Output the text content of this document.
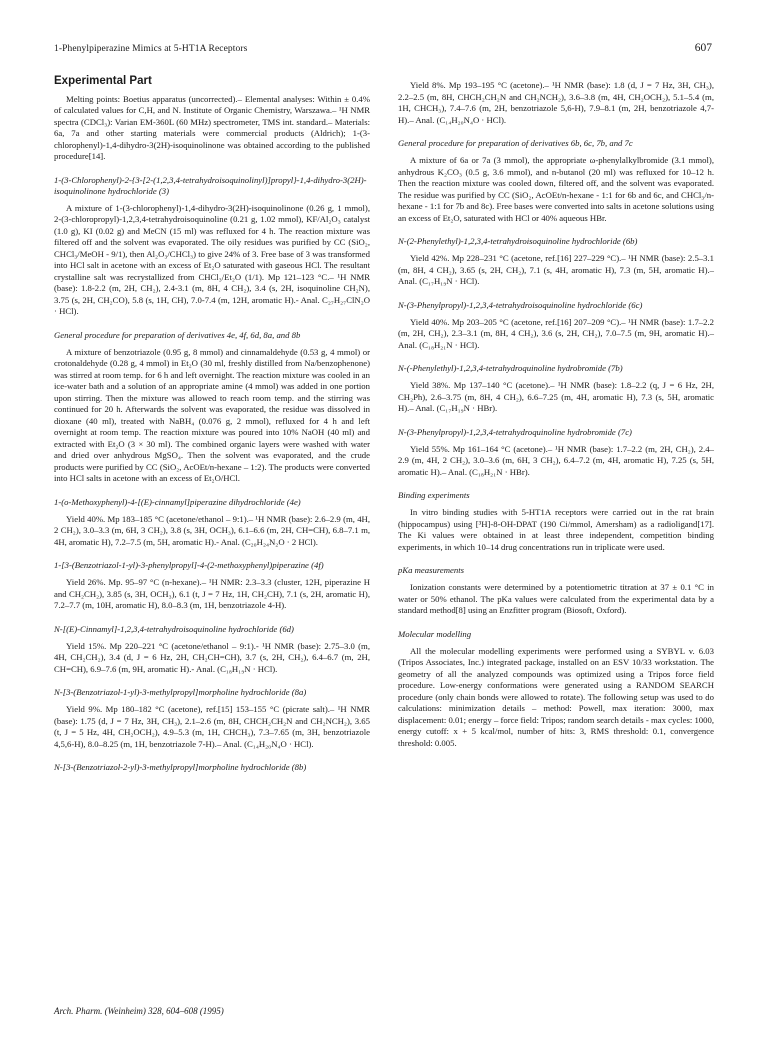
1-Phenylpiperazine Mimics at 5-HT1A Receptors	607
Experimental Part

Melting points: Boetius apparatus (uncorrected).– Elemental analyses: Within ± 0.4% of calculated values for C,H, and N. Institute of Organic Chemistry, Warszawa.– ¹H NMR spectra (CDCl₃): Varian EM-360L (60 MHz) spectrometer, TMS int. standard.– Materials: 6a, 7a and other starting materials were commercial products (Aldrich); 1-(3-chlorophenyl)-1,4-dihydro-3(2H)-isoquinolinone was obtained according to the published procedure[14].

1-(3-Chlorophenyl)-2-{3-[2-(1,2,3,4-tetrahydroisoquinolinyl)]propyl}-1,4-dihydro-3(2H)-isoquinolinone hydrochloride (3)

A mixture of 1-(3-chlorophenyl)-1,4-dihydro-3(2H)-isoquinolinone (0.26 g, 1 mmol), 2-(3-chloropropyl)-1,2,3,4-tetrahydroisoquinoline (0.21 g, 1.02 mmol), KF/Al₂O₃ catalyst (1.0 g), KI (0.02 g) and MeCN (15 ml) was refluxed for 4 h. The reaction mixture was filtered off and the solvent was evaporated. The oily residues was purified by CC (SiO₂, CHCl₃/MeOH - 9/1), then Al₂O₃/CHCl₃) to give 24% of 3. Free base of 3 was transformed into HCl salt in acetone with an excess of Et₂O saturated with gaseous HCl. The resultant crystalline salt was recrystallized from CHCl₃/Et₂O (1/1). Mp 121–123 °C.– ¹H NMR (base): 1.8-2.2 (m, 2H, CH₂), 2.4-3.1 (m, 8H, 4 CH₂), 3.4 (s, 2H, isoquinoline CH₂N), 3.75 (s, 2H, CH₂CO), 5.8 (s, 1H, CH), 7.0-7.4 (m, 12H, aromatic H).- Anal. C₂₇H₂₇ClN₂O · HCl).

General procedure for preparation of derivatives 4e, 4f, 6d, 8a, and 8b

A mixture of benzotriazole (0.95 g, 8 mmol) and cinnamaldehyde (0.53 g, 4 mmol) or crotonaldehyde (0.28 g, 4 mmol) in Et₂O (30 ml, freshly distilled from Na/benzophenone) was stirred at room temp. for 6 h and left overnight. The reaction mixture was cooled in an ice-water bath and a solution of an appropriate amine (4 mmol) was added in one portion upon stirring. Then the mixture was allowed to reach room temp. and the stirring was continued for 20 h. Afterwards the solvent was evaporated, the residue was dissolved in dioxane (40 ml), treated with NaBH₄ (0.076 g, 2 mmol), refluxed for 4 h and left overnight at room temp. The reaction mixture was poured into 10% NaOH (40 ml) and extracted with Et₂O (3 × 30 ml). The combined organic layers were washed with water and dried over anhydrous MgSO₄. Then the solvent was evaporated, and the crude products were purified by CC (SiO₂, AcOEt/n-hexane – 1:2). The products were converted into HCl salts in acetone with an excess of Et₂O/HCl.

1-(o-Methoxyphenyl)-4-[(E)-cinnamyl]piperazine dihydrochloride (4e)

Yield 40%. Mp 183–185 °C (acetone/ethanol – 9:1).– ¹H NMR (base): 2.6–2.9 (m, 4H, 2 CH₂), 3.0–3.3 (m, 6H, 3 CH₂), 3.8 (s, 3H, OCH₃), 6.1–6.6 (m, 2H, CH=CH), 6.8–7.1 m, 4H, aromatic H), 7.2–7.5 (m, 5H, aromatic H).- Anal. (C₂₀H₂₄N₂O · 2 HCl).

1-[3-(Benzotriazol-1-yl)-3-phenylpropyl]-4-(2-methoxyphenyl)piperazine (4f)

Yield 26%. Mp. 95–97 °C (n-hexane).– ¹H NMR: 2.3–3.3 (cluster, 12H, piperazine H and CH₂CH₂), 3.85 (s, 3H, OCH₃), 6.1 (t, J = 7 Hz, 1H, CH₂CH), 7.1 (s, 2H, aromatic H), 7.2–7.7 (m, 10H, aromatic H), 8.0–8.3 (m, 1H, benzotriazole 4-H).

N-[(E)-Cinnamyl]-1,2,3,4-tetrahydroisoquinoline hydrochloride (6d)

Yield 15%. Mp 220–221 °C (acetone/ethanol – 9:1).- ¹H NMR (base): 2.75–3.0 (m, 4H, CH₂CH₂), 3.4 (d, J = 6 Hz, 2H, CH₂CH=CH), 3.7 (s, 2H, CH₂), 6.4–6.7 (m, 2H, CH=CH), 6.9–7.6 (m, 9H, aromatic H).- Anal. (C₁₈H₁₉N · HCl).

N-[3-(Benzotriazol-1-yl)-3-methylpropyl]morpholine hydrochloride (8a)

Yield 9%. Mp 180–182 °C (acetone), ref.[15] 153–155 °C (picrate salt).– ¹H NMR (base): 1.75 (d, J = 7 Hz, 3H, CH₃), 2.1–2.6 (m, 8H, CHCH₂CH₂N and CH₂NCH₂), 3.65 (t, J = 5 Hz, 4H, CH₂OCH₂), 4.9–5.3 (m, 1H, CHCH₃), 7.3–7.65 (m, 3H, benzotriazole 4,5,6-H), 8.0–8.25 (m, 1H, benzotriazole 7-H).– Anal. (C₁₄H₂₀N₄O · HCl).

N-[3-(Benzotriazol-2-yl)-3-methylpropyl]morpholine hydrochloride (8b)

Yield 8%. Mp 193–195 °C (acetone).– ¹H NMR (base): 1.8 (d, J = 7 Hz, 3H, CH₃), 2.2–2.5 (m, 8H, CHCH₂CH₂N and CH₂NCH₂), 3.6–3.8 (m, 4H, CH₂OCH₂), 5.1–5.4 (m, 1H, CHCH₃), 7.4–7.6 (m, 2H, benzotriazole 5,6-H), 7.9–8.1 (m, 2H, benzotriazole 4,7-H).– Anal. (C₁₄H₂₀N₄O · HCl).

General procedure for preparation of derivatives 6b, 6c, 7b, and 7c

A mixture of 6a or 7a (3 mmol), the appropriate ω-phenylalkylbromide (3.1 mmol), anhydrous K₂CO₃ (0.5 g, 3.6 mmol), and n-butanol (20 ml) was refluxed for 10–12 h. Then the reaction mixture was cooled down, filtered off, and the solvent was evaporated. The residue was purified by CC (SiO₂, AcOEt/n-hexane - 1:1 for 6b and 6c, and CHCl₃/n-hexane - 1:1 for 7b and 8c). Free bases were converted into salts in acetone solutions using an excess of Et₂O, saturated with HCl or 40% aqueous HBr.

N-(2-Phenylethyl)-1,2,3,4-tetrahydroisoquinoline hydrochloride (6b)

Yield 42%. Mp 228–231 °C (acetone, ref.[16] 227–229 °C).– ¹H NMR (base): 2.5–3.1 (m, 8H, 4 CH₂), 3.65 (s, 2H, CH₂), 7.1 (s, 4H, aromatic H), 7.3 (m, 5H, aromatic H).– Anal. (C₁₇H₁₉N · HCl).

N-(3-Phenylpropyl)-1,2,3,4-tetrahydroisoquinoline hydrochloride (6c)

Yield 40%. Mp 203–205 °C (acetone, ref.[16] 207–209 °C).– ¹H NMR (base): 1.7–2.2 (m, 2H, CH₂), 2.3–3.1 (m, 8H, 4 CH₂), 3.6 (s, 2H, CH₂), 7.0–7.5 (m, 9H, aromatic H).– Anal. (C₁₈H₂₁N · HCl).

N-(-Phenylethyl)-1,2,3,4-tetrahydroquinoline hydrobromide (7b)

Yield 38%. Mp 137–140 °C (acetone).– ¹H NMR (base): 1.8–2.2 (q, J = 6 Hz, 2H, CH₂Ph), 2.6–3.75 (m, 8H, 4 CH₂), 6.6–7.25 (m, 4H, aromatic H), 7.3 (s, 5H, aromatic H).– Anal. (C₁₇H₁₉N · HBr).

N-(3-Phenylpropyl)-1,2,3,4-tetrahydroquinoline hydrobromide (7c)

Yield 55%. Mp 161–164 °C (acetone).– ¹H NMR (base): 1.7–2.2 (m, 2H, CH₂), 2.4–2.9 (m, 4H, 2 CH₂), 3.0–3.6 (m, 6H, 3 CH₂), 6.4–7.2 (m, 4H, aromatic H), 7.25 (s, 5H, aromatic H).– Anal. (C₁₈H₂₁N · HBr).

Binding experiments

In vitro binding studies with 5-HT1A receptors were carried out in the rat brain (hippocampus) using [³H]-8-OH-DPAT (190 Ci/mmol, Amersham) as a radioligand[17]. The Ki values were obtained in at least three independent, competition binding experiments, in which 10–14 drug concentrations run in triplicate were used.

pKa measurements

Ionization constants were determined by a potentiometric titration at 37 ± 0.1 °C in water or 50% ethanol. The pKa values were calculated from the experimental data by a standard method[8] using an Enzfitter program (Biosoft, Oxford).

Molecular modelling

All the molecular modelling experiments were performed using a SYBYL v. 6.03 (Tripos Associates, Inc.) integrated package, installed on an ESV 10/33 workstation. The geometry of all the analyzed compounds was optimized using a Tripos force field procedure. Low-energy conformations were generated using a RANDOM SEARCH procedure (only chain bonds were allowed to rotate). The following setup was used to do calculations: minimization details – method: Powell, max iteration: 3000, max displacement: 0.01; energy – force field: Tripos; random search details - max cycles: 1000, energy cutoff: x + 5 kcal/mol, number of hits: 3, RMS threshold: 0.1, convergence threshold: 0.005.

Arch. Pharm. (Weinheim) 328, 604–608 (1995)
